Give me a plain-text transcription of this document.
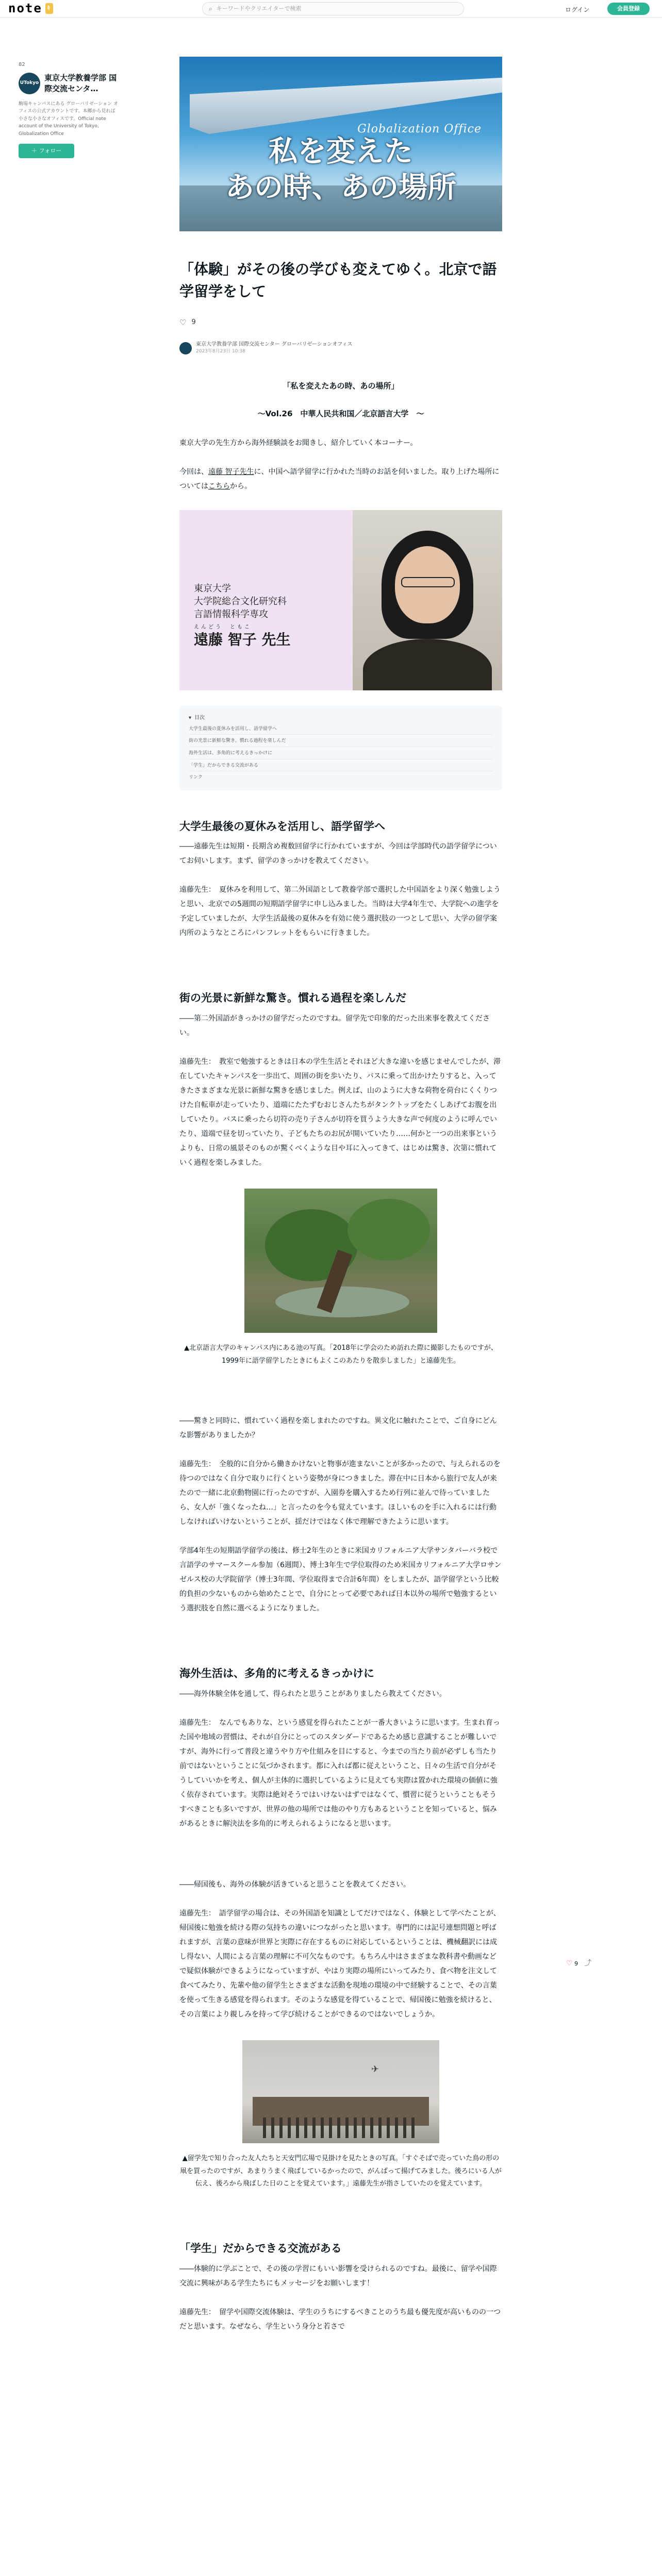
note ｷ	⌕ キーワードやクリエイターで検索	ログイン	会員登録
82
UTokyo
東京大学教養学部 国際交流センタ…
駒場キャンパスにある グローバリゼーション オフィスの公式アカウントです。本郷から見れば小さな小さなオフィスです。Official note account of the University of Tokyo, Globalization Office
＋ フォロー
Globalization Office
私を変えた
あの時、あの場所
「体験」がその後の学びも変えてゆく。北京で語学留学をして
♡ 9
東京大学教養学部 国際交流センター グローバリゼーションオフィス
2023年8月23日 10:38
「私を変えたあの時、あの場所」
〜Vol.26　中華人民共和国／北京語言大学　〜

東京大学の先生方から海外経験談をお聞きし、紹介していく本コーナー。

今回は、遠藤 智子先生に、中国へ語学留学に行かれた当時のお話を伺いました。取り上げた場所についてはこちらから。

東京大学
大学院総合文化研究科
言語情報科学専攻
えんどう　ともこ
遠藤 智子 先生
▾ 目次
大学生最後の夏休みを活用し、語学留学へ
街の光景に新鮮な驚き。慣れる過程を楽しんだ
海外生活は、多角的に考えるきっかけに
「学生」だからできる交流がある
リンク
大学生最後の夏休みを活用し、語学留学へ

――遠藤先生は短期・長期含め複数回留学に行かれていますが、今回は学部時代の語学留学についてお伺いします。まず、留学のきっかけを教えてください。

遠藤先生：　夏休みを利用して、第二外国語として教養学部で選択した中国語をより深く勉強しようと思い、北京での5週間の短期語学留学に申し込みました。当時は大学4年生で、大学院への進学を予定していましたが、大学生活最後の夏休みを有効に使う選択肢の一つとして思い、大学の留学案内所のようなところにパンフレットをもらいに行きました。

街の光景に新鮮な驚き。慣れる過程を楽しんだ

――第二外国語がきっかけの留学だったのですね。留学先で印象的だった出来事を教えてください。

遠藤先生：　教室で勉強するときは日本の学生生活とそれほど大きな違いを感じませんでしたが、滞在していたキャンパスを一歩出て、周囲の街を歩いたり、バスに乗って出かけたりすると、入ってきたさまざまな光景に新鮮な驚きを感じました。例えば、山のように大きな荷物を荷台にくくりつけた自転車が走っていたり、道端にたたずむおじさんたちがタンクトップをたくしあげてお腹を出していたり。バスに乗ったら切符の売り子さんが切符を買うよう大きな声で何度のように呼んでいたり、道端で昼を切っていたり、子どもたちのお尻が開いていたり……何かと一つの出来事というよりも、日常の風景そのものが驚くべくような目や耳に入ってきて、はじめは驚き、次第に慣れていく過程を楽しみました。

▲北京語言大学のキャンパス内にある池の写真。「2018年に学会のため訪れた際に撮影したものですが、1999年に語学留学したときにもよくこのあたりを散歩しました」と遠藤先生。

――驚きと同時に、慣れていく過程を楽しまれたのですね。異文化に触れたことで、ご自身にどんな影響がありましたか？

遠藤先生：　全般的に自分から働きかけないと物事が進まないことが多かったので、与えられるのを待つのではなく自分で取りに行くという姿勢が身につきました。滞在中に日本から旅行で友人が来たので一緒に北京動物園に行ったのですが、入園券を購入するため行列に並んで待っていましたら、女人が「強くなったね…」と言ったのを今も覚えています。ほしいものを手に入れるには行動しなければいけないということが、揺だけではなく体で理解できたように思います。

学部4年生の短期語学留学の後は、修士2年生のときに米国カリフォルニア大学サンタバーバラ校で言語学のサマースクール参加（6週間）、博士3年生で学位取得のため米国カリフォルニア大学ロサンゼルス校の大学院留学（博士3年間、学位取得まで合計6年間）をしましたが、語学留学という比較的負担の少ないものから始めたことで、自分にとって必要であれば日本以外の場所で勉強するという選択肢を自然に選べるようになりました。

海外生活は、多角的に考えるきっかけに

――海外体験全体を通して、得られたと思うことがありましたら教えてください。

遠藤先生：　なんでもあり​な、という感覚を得られたことが一番大きいように思います。生まれ育った国や地域の習慣は、それが自分にとってのスタンダードであるため感じ意識することが難しいですが、海外に行って普段と違うやり方や仕組みを目にすると、今までの当たり前が必ずしも当たり前ではないということに気づかされます。都に入れば都に従えということ、日々の生活で自分がそうしていいかを考え、個人が主体的に選択しているように見えても実際は置かれた環境の価値に強く依存されています。実際は絶対そうではいけないはずではなくて、慣習に従うということもそうすべきことも多いですが、世界の他の場所では他のやり方もあるということを知っていると、悩みがあるときに解決法を多角的に考えられるようになると思います。

――帰国後も、海外の体験が活きていると思うことを教えてください。

遠藤先生：　語学留学の場合は、その外国語を知識としてだけではなく、体験として学べたことが、帰国後に勉強を続ける際の気持ちの違いにつながったと思います。専門的には記号連想問題と呼ばれますが、言葉の意味が世界と実際に存在するものに対応しているということは、機械翻訳には成し得ない、人間による言葉の理解に不可欠なものです。もちろん中はさまざまな教科書や動画などで疑似体験ができるようになっていますが、やはり実際の場所にいってみたり、食べ物を注文して食べてみたり、先輩や他の留学生とさまざまな活動を現地の環境の中で経験することで、その言葉を使って生きる感覚を得られます。そのような感覚を得ていることで、帰国後に勉強を続けると、その言葉により親しみを持って学び続けることができるのではないでしょうか。

✈
▲留学先で知り合った友人たちと天安門広場で見掛けを見たときの写真。「すぐそばで売っていた鳥の形の凧を買ったのですが、あまりうまく飛ばしているかったので、がんばって揚げてみました。後ろにいる人が伝え、後ろから飛ばした日のことを覚えています。」遠藤先生が指さしていたのを覚えています。
「学生」だからできる交流がある

――体験的に学ぶことで、その後の学習にもいい影響を受けられるのですね。最後に、留学や国際交流に興味がある学生たちにもメッセージをお願いします！

遠藤先生：　留学や国際交流体験は、学生のうちにするべきことのうち最も優先度が高いものの一つだと思います。なぜなら、学生という身分と若さで

♡ 9 ⤴
